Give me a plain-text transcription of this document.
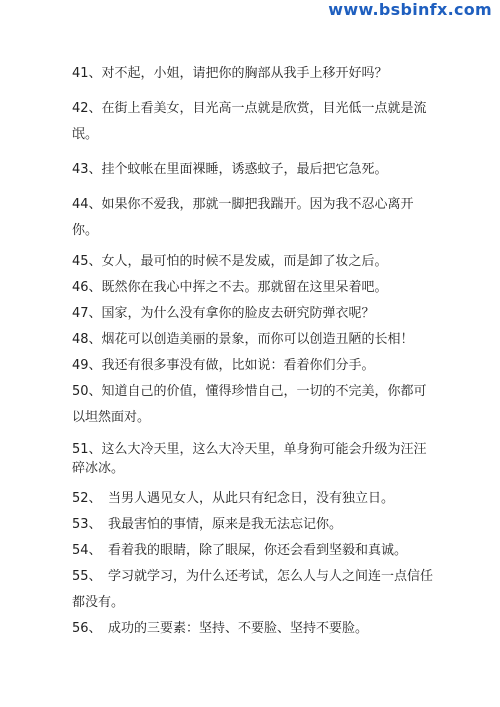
www.bsbinfx.com
41、对不起，小姐，请把你的胸部从我手上移开好吗？
42、在街上看美女，目光高一点就是欣赏，目光低一点就是流氓。
43、挂个蚊帐在里面裸睡，诱惑蚊子，最后把它急死。
44、如果你不爱我，那就一脚把我踹开。因为我不忍心离开你。
45、女人，最可怕的时候不是发威，而是卸了妆之后。
46、既然你在我心中挥之不去。那就留在这里呆着吧。
47、国家，为什么没有拿你的脸皮去研究防弹衣呢？
48、烟花可以创造美丽的景象，而你可以创造丑陋的长相！
49、我还有很多事没有做，比如说：看着你们分手。
50、知道自己的价值，懂得珍惜自己，一切的不完美，你都可以坦然面对。
51、这么大冷天里，这么大冷天里，单身狗可能会升级为汪汪碎冰冰。
52、　当男人遇见女人，从此只有纪念日，没有独立日。
53、　我最害怕的事情，原来是我无法忘记你。
54、　看着我的眼睛，除了眼屎，你还会看到坚毅和真诚。
55、　学习就学习，为什么还考试，怎么人与人之间连一点信任　都没有。
56、　成功的三要素：坚持、不要脸、坚持不要脸。
